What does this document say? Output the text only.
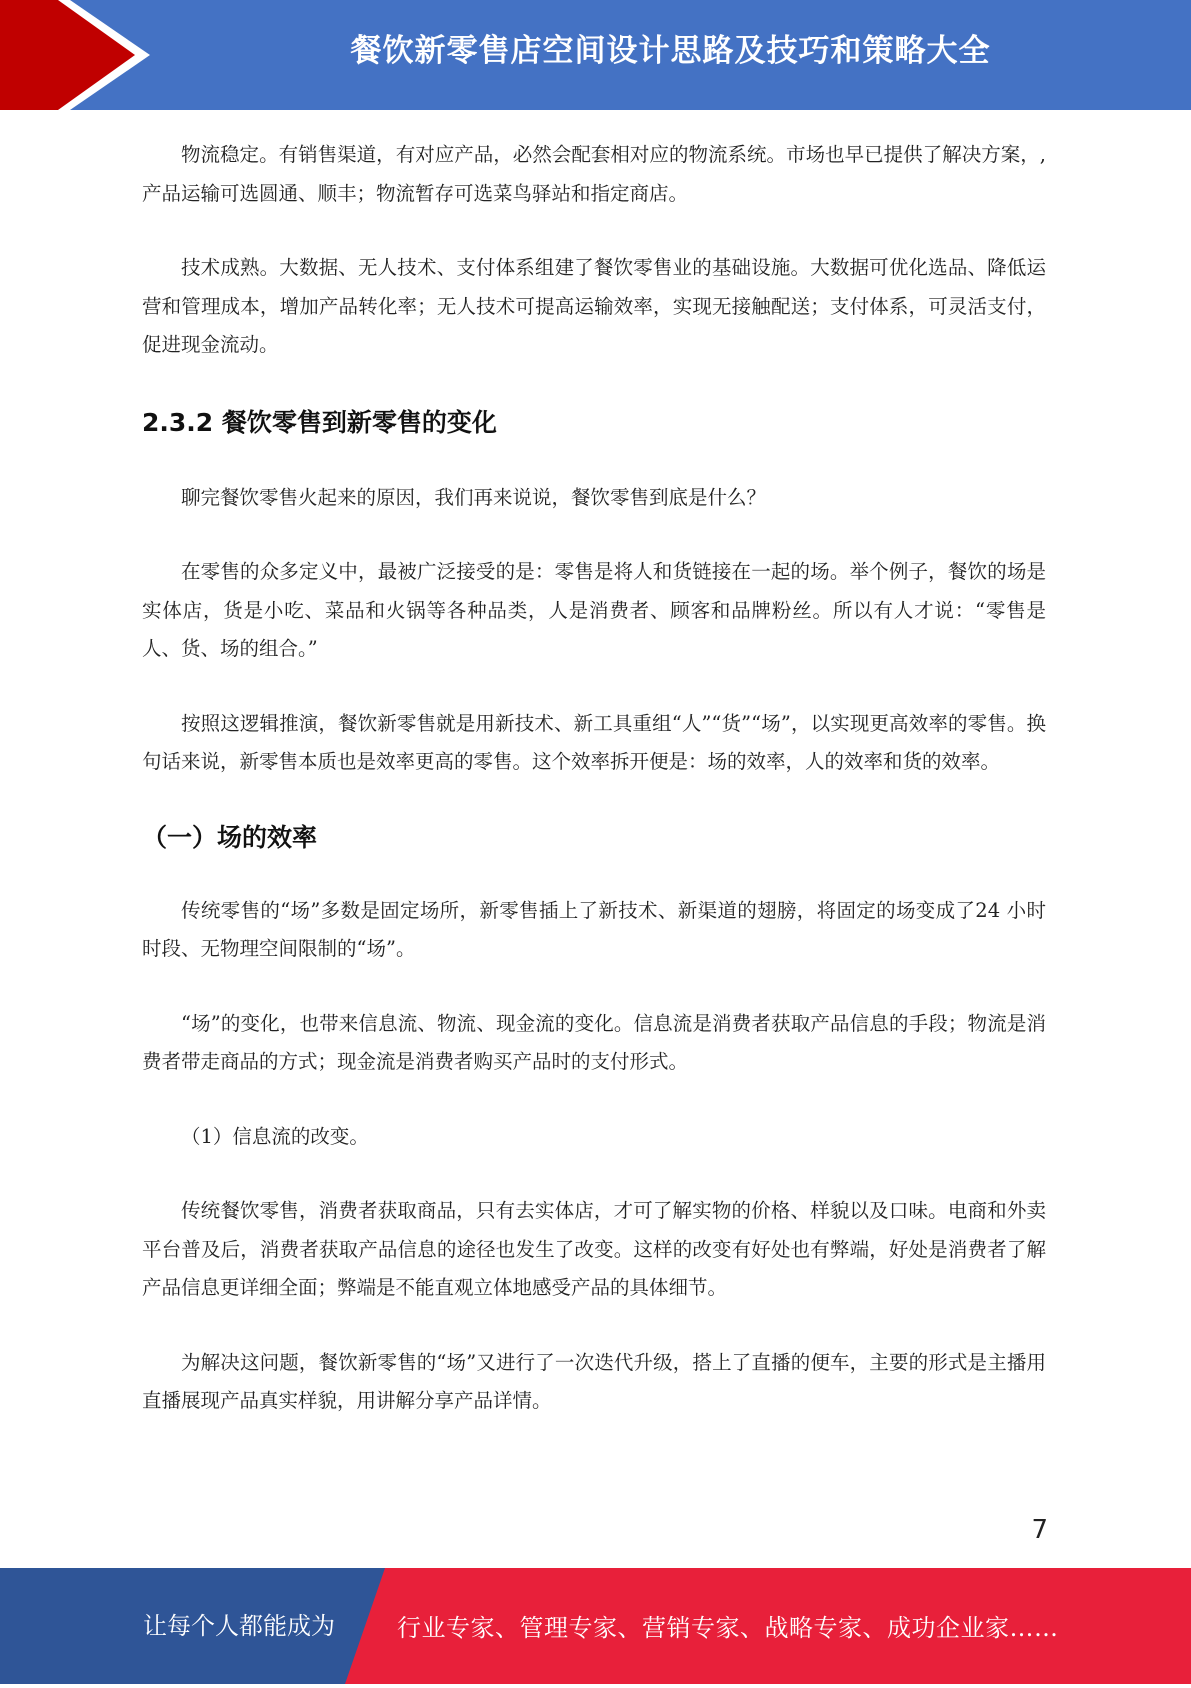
餐饮新零售店空间设计思路及技巧和策略大全

物流稳定。有销售渠道，有对应产品，必然会配套相对应的物流系统。市场也早已提供了解决方案，,产品运输可选圆通、顺丰；物流暂存可选菜鸟驿站和指定商店。

技术成熟。大数据、无人技术、支付体系组建了餐饮零售业的基础设施。大数据可优化选品、降低运营和管理成本，增加产品转化率；无人技术可提高运输效率，实现无接触配送；支付体系，可灵活支付，促进现金流动。

2.3.2 餐饮零售到新零售的变化

聊完餐饮零售火起来的原因，我们再来说说，餐饮零售到底是什么？

在零售的众多定义中，最被广泛接受的是：零售是将人和货链接在一起的场。举个例子，餐饮的场是实体店，货是小吃、菜品和火锅等各种品类，人是消费者、顾客和品牌粉丝。所以有人才说：“零售是人、货、场的组合。”

按照这逻辑推演，餐饮新零售就是用新技术、新工具重组“人”“货”“场”，以实现更高效率的零售。换句话来说，新零售本质也是效率更高的零售。这个效率拆开便是：场的效率，人的效率和货的效率。

（一）场的效率

传统零售的“场”多数是固定场所，新零售插上了新技术、新渠道的翅膀，将固定的场变成了24 小时时段、无物理空间限制的“场”。

“场”的变化，也带来信息流、物流、现金流的变化。信息流是消费者获取产品信息的手段；物流是消费者带走商品的方式；现金流是消费者购买产品时的支付形式。

（1）信息流的改变。

传统餐饮零售，消费者获取商品，只有去实体店，才可了解实物的价格、样貌以及口味。电商和外卖平台普及后，消费者获取产品信息的途径也发生了改变。这样的改变有好处也有弊端，好处是消费者了解产品信息更详细全面；弊端是不能直观立体地感受产品的具体细节。

为解决这问题，餐饮新零售的“场”又进行了一次迭代升级，搭上了直播的便车，主要的形式是主播用直播展现产品真实样貌，用讲解分享产品详情。

7
让每个人都能成为	行业专家、管理专家、营销专家、战略专家、成功企业家……
